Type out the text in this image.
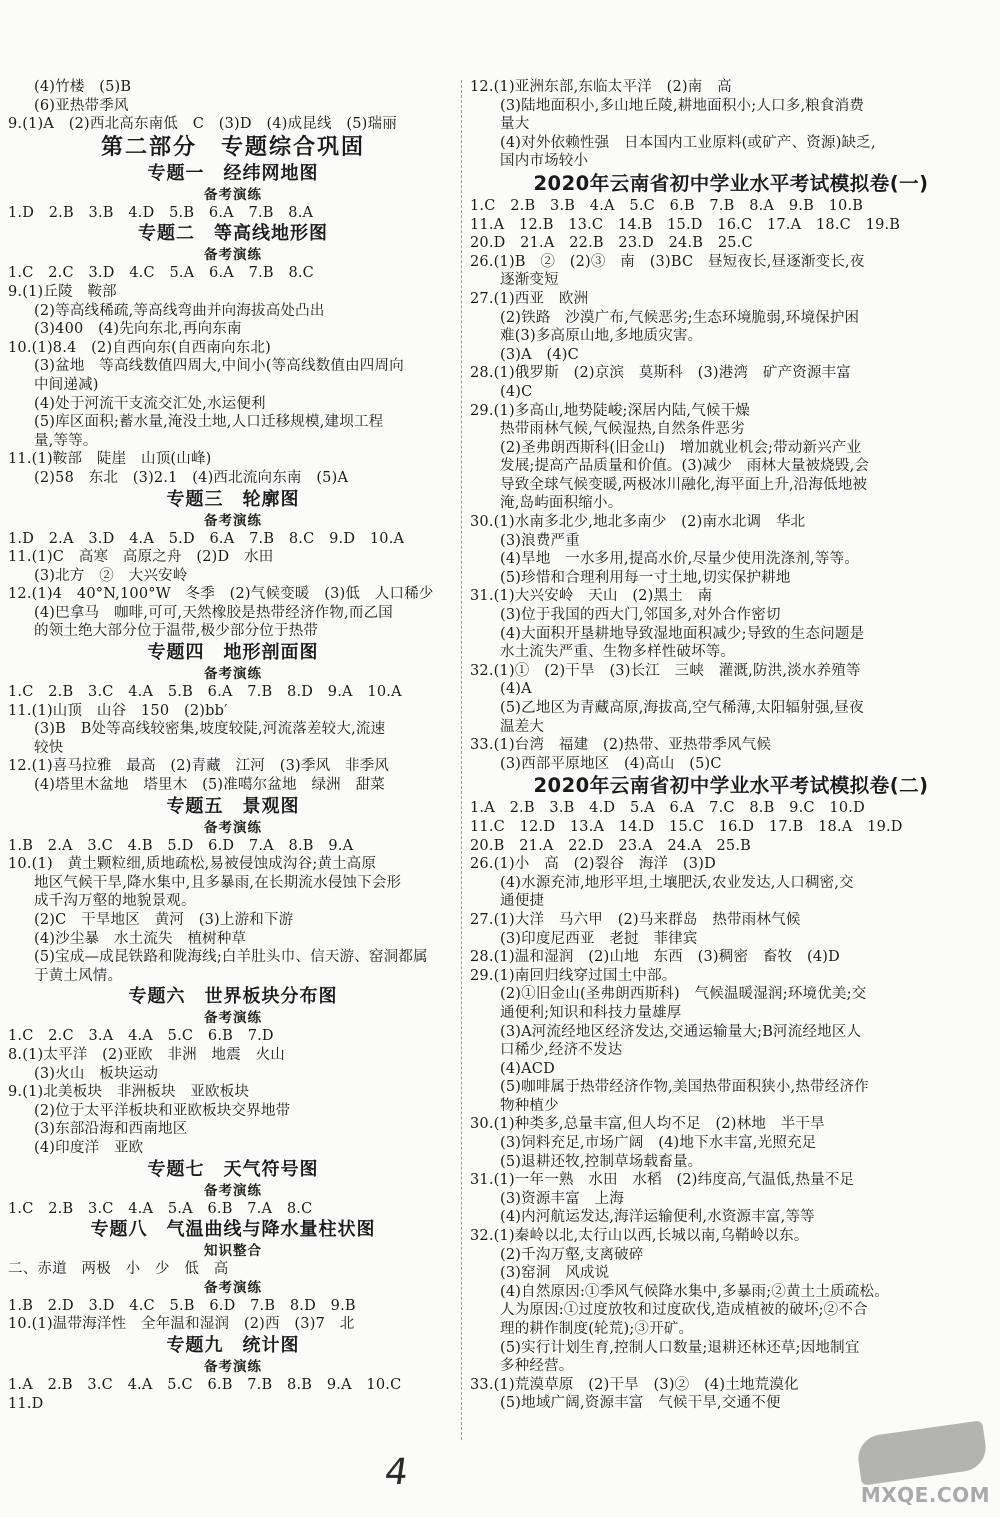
(4)竹楼　(5)B
(6)亚热带季风
9.(1)A　(2)西北高东南低　C　(3)D　(4)成昆线　(5)瑞丽
第二部分　专题综合巩固
专题一　经纬网地图
备考演练
1.D　2.B　3.B　4.D　5.B　6.A　7.B　8.A
专题二　等高线地形图
备考演练
1.C　2.C　3.D　4.C　5.A　6.A　7.B　8.C
9.(1)丘陵　鞍部
(2)等高线稀疏,等高线弯曲并向海拔高处凸出
(3)400　(4)先向东北,再向东南
10.(1)8.4　(2)自西向东(自西南向东北)
(3)盆地　等高线数值四周大,中间小(等高线数值由四周向
中间递减)
(4)处于河流干支流交汇处,水运便利
(5)库区面积;蓄水量,淹没土地,人口迁移规模,建坝工程
量,等等。
11.(1)鞍部　陡崖　山顶(山峰)
(2)58　东北　(3)2.1　(4)西北流向东南　(5)A
专题三　轮廓图
备考演练
1.D　2.A　3.D　4.A　5.D　6.A　7.B　8.C　9.D　10.A
11.(1)C　高寒　高原之舟　(2)D　水田
(3)北方　②　大兴安岭
12.(1)4　40°N,100°W　冬季　(2)气候变暖　(3)低　人口稀少
(4)巴拿马　咖啡,可可,天然橡胶是热带经济作物,而乙国
的领土绝大部分位于温带,极少部分位于热带
专题四　地形剖面图
备考演练
1.C　2.B　3.C　4.A　5.B　6.A　7.B　8.D　9.A　10.A
11.(1)山顶　山谷　150　(2)bb′
(3)B　B处等高线较密集,坡度较陡,河流落差较大,流速
较快
12.(1)喜马拉雅　最高　(2)青藏　江河　(3)季风　非季风
(4)塔里木盆地　塔里木　(5)准噶尔盆地　绿洲　甜菜
专题五　景观图
备考演练
1.B　2.A　3.C　4.B　5.D　6.D　7.A　8.B　9.A
10.(1)　黄土颗粒细,质地疏松,易被侵蚀成沟谷;黄土高原
地区气候干旱,降水集中,且多暴雨,在长期流水侵蚀下会形
成千沟万壑的地貌景观。
(2)C　干旱地区　黄河　(3)上游和下游
(4)沙尘暴　水土流失　植树种草
(5)宝成—成昆铁路和陇海线;白羊肚头巾、信天游、窑洞都属
于黄土风情。
专题六　世界板块分布图
备考演练
1.C　2.C　3.A　4.A　5.C　6.B　7.D
8.(1)太平洋　(2)亚欧　非洲　地震　火山
(3)火山　板块运动
9.(1)北美板块　非洲板块　亚欧板块
(2)位于太平洋板块和亚欧板块交界地带
(3)东部沿海和西南地区
(4)印度洋　亚欧
专题七　天气符号图
备考演练
1.C　2.B　3.C　4.A　5.A　6.B　7.A　8.C
专题八　气温曲线与降水量柱状图
知识整合
二、赤道　两极　小　少　低　高
备考演练
1.B　2.D　3.D　4.C　5.B　6.D　7.B　8.D　9.B
10.(1)温带海洋性　全年温和湿润　(2)西　(3)7　北
专题九　统计图
备考演练
1.A　2.B　3.C　4.A　5.C　6.B　7.B　8.B　9.A　10.C
11.D
12.(1)亚洲东部,东临太平洋　(2)南　高
(3)陆地面积小,多山地丘陵,耕地面积小;人口多,粮食消费
量大
(4)对外依赖性强　日本国内工业原料(或矿产、资源)缺乏,
国内市场较小
2020年云南省初中学业水平考试模拟卷(一)
1.C　2.B　3.B　4.A　5.C　6.B　7.B　8.A　9.B　10.B
11.A　12.B　13.C　14.B　15.D　16.C　17.A　18.C　19.B
20.D　21.A　22.B　23.D　24.B　25.C
26.(1)B　②　(2)③　南　(3)BC　昼短夜长,昼逐渐变长,夜
逐渐变短
27.(1)西亚　欧洲
(2)铁路　沙漠广布,气候恶劣;生态环境脆弱,环境保护困
难(3)多高原山地,多地质灾害。
(3)A　(4)C
28.(1)俄罗斯　(2)京滨　莫斯科　(3)港湾　矿产资源丰富
(4)C
29.(1)多高山,地势陡峻;深居内陆,气候干燥
热带雨林气候,气候湿热,自然条件恶劣
(2)圣弗朗西斯科(旧金山)　增加就业机会;带动新兴产业
发展;提高产品质量和价值。(3)减少　雨林大量被烧毁,会
导致全球气候变暖,两极冰川融化,海平面上升,沿海低地被
淹,岛屿面积缩小。
30.(1)水南多北少,地北多南少　(2)南水北调　华北
(3)浪费严重
(4)旱地　一水多用,提高水价,尽量少使用洗涤剂,等等。
(5)珍惜和合理利用每一寸土地,切实保护耕地
31.(1)大兴安岭　天山　(2)黑土　南
(3)位于我国的西大门,邻国多,对外合作密切
(4)大面积开垦耕地导致湿地面积减少;导致的生态问题是
水土流失严重、生物多样性破坏等。
32.(1)①　(2)干旱　(3)长江　三峡　灌溉,防洪,淡水养殖等
(4)A
(5)乙地区为青藏高原,海拔高,空气稀薄,太阳辐射强,昼夜
温差大
33.(1)台湾　福建　(2)热带、亚热带季风气候
(3)西部平原地区　(4)高山　(5)C
2020年云南省初中学业水平考试模拟卷(二)
1.A　2.B　3.B　4.D　5.A　6.A　7.C　8.B　9.C　10.D
11.C　12.D　13.A　14.D　15.C　16.D　17.B　18.A　19.D
20.B　21.A　22.D　23.A　24.A　25.B
26.(1)小　高　(2)裂谷　海洋　(3)D
(4)水源充沛,地形平坦,土壤肥沃,农业发达,人口稠密,交
通便捷
27.(1)大洋　马六甲　(2)马来群岛　热带雨林气候
(3)印度尼西亚　老挝　菲律宾
28.(1)温和湿润　(2)山地　东西　(3)稠密　畜牧　(4)D
29.(1)南回归线穿过国土中部。
(2)①旧金山(圣弗朗西斯科)　气候温暖湿润;环境优美;交
通便利;知识和科技力量雄厚
(3)A河流经地区经济发达,交通运输量大;B河流经地区人
口稀少,经济不发达
(4)ACD
(5)咖啡属于热带经济作物,美国热带面积狭小,热带经济作
物种植少
30.(1)种类多,总量丰富,但人均不足　(2)林地　半干旱
(3)饲料充足,市场广阔　(4)地下水丰富,光照充足
(5)退耕还牧,控制草场载畜量。
31.(1)一年一熟　水田　水稻　(2)纬度高,气温低,热量不足
(3)资源丰富　上海
(4)内河航运发达,海洋运输便利,水资源丰富,等等
32.(1)秦岭以北,太行山以西,长城以南,乌鞘岭以东。
(2)千沟万壑,支离破碎
(3)窑洞　风成说
(4)自然原因:①季风气候降水集中,多暴雨;②黄土土质疏松。
人为原因:①过度放牧和过度砍伐,造成植被的破坏;②不合
理的耕作制度(轮荒);③开矿。
(5)实行计划生育,控制人口数量;退耕还林还草;因地制宜
多种经营。
33.(1)荒漠草原　(2)干旱　(3)②　(4)土地荒漠化
(5)地域广阔,资源丰富　气候干旱,交通不便
4
MXQE.COM
